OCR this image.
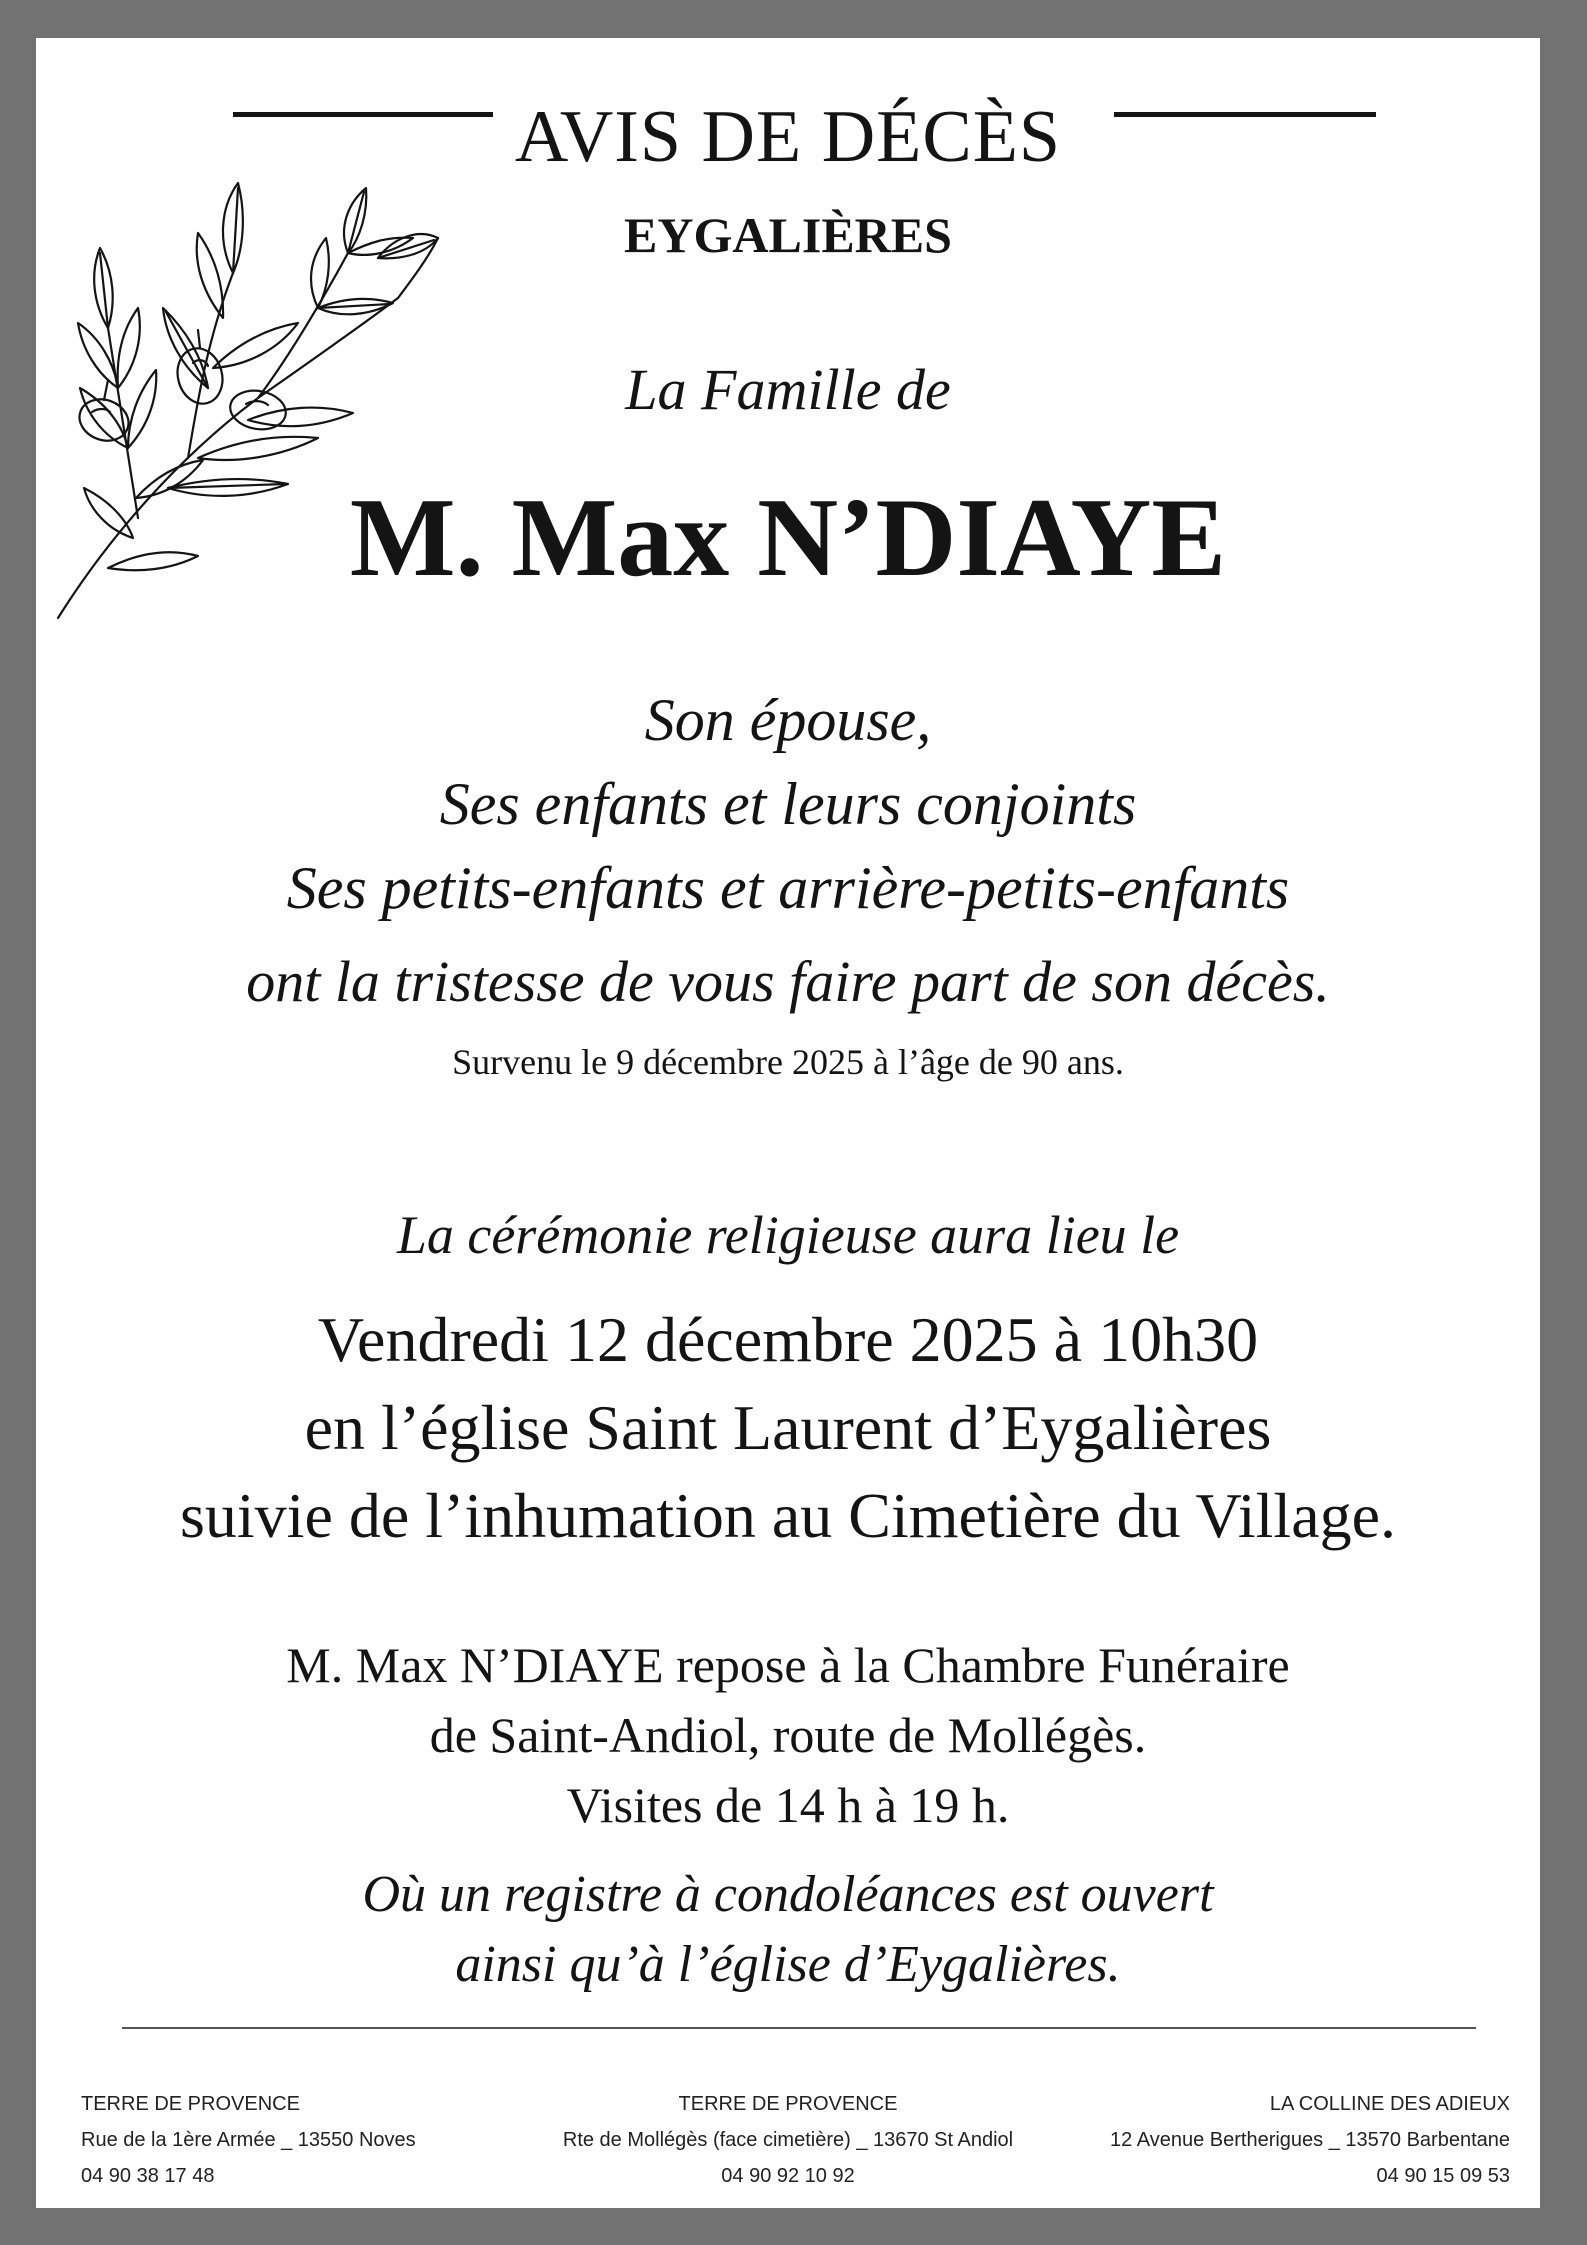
AVIS DE DÉCÈS
EYGALIÈRES
La Famille de
M. Max N’DIAYE
Son épouse,
Ses enfants et leurs conjoints
Ses petits-enfants et arrière-petits-enfants
ont la tristesse de vous faire part de son décès.
Survenu le 9 décembre 2025 à l’âge de 90 ans.
La cérémonie religieuse aura lieu le
Vendredi 12 décembre 2025 à 10h30
en l’église Saint Laurent d’Eygalières
suivie de l’inhumation au Cimetière du Village.
M. Max N’DIAYE repose à la Chambre Funéraire
de Saint-Andiol, route de Mollégès.
Visites de 14 h à 19 h.
Où un registre à condoléances est ouvert
ainsi qu’à l’église d’Eygalières.
TERRE DE PROVENCE
Rue de la 1ère Armée _ 13550 Noves
04 90 38 17 48
TERRE DE PROVENCE
Rte de Mollégès (face cimetière) _ 13670 St Andiol
04 90 92 10 92
LA COLLINE DES ADIEUX
12 Avenue Bertherigues _ 13570 Barbentane
04 90 15 09 53
